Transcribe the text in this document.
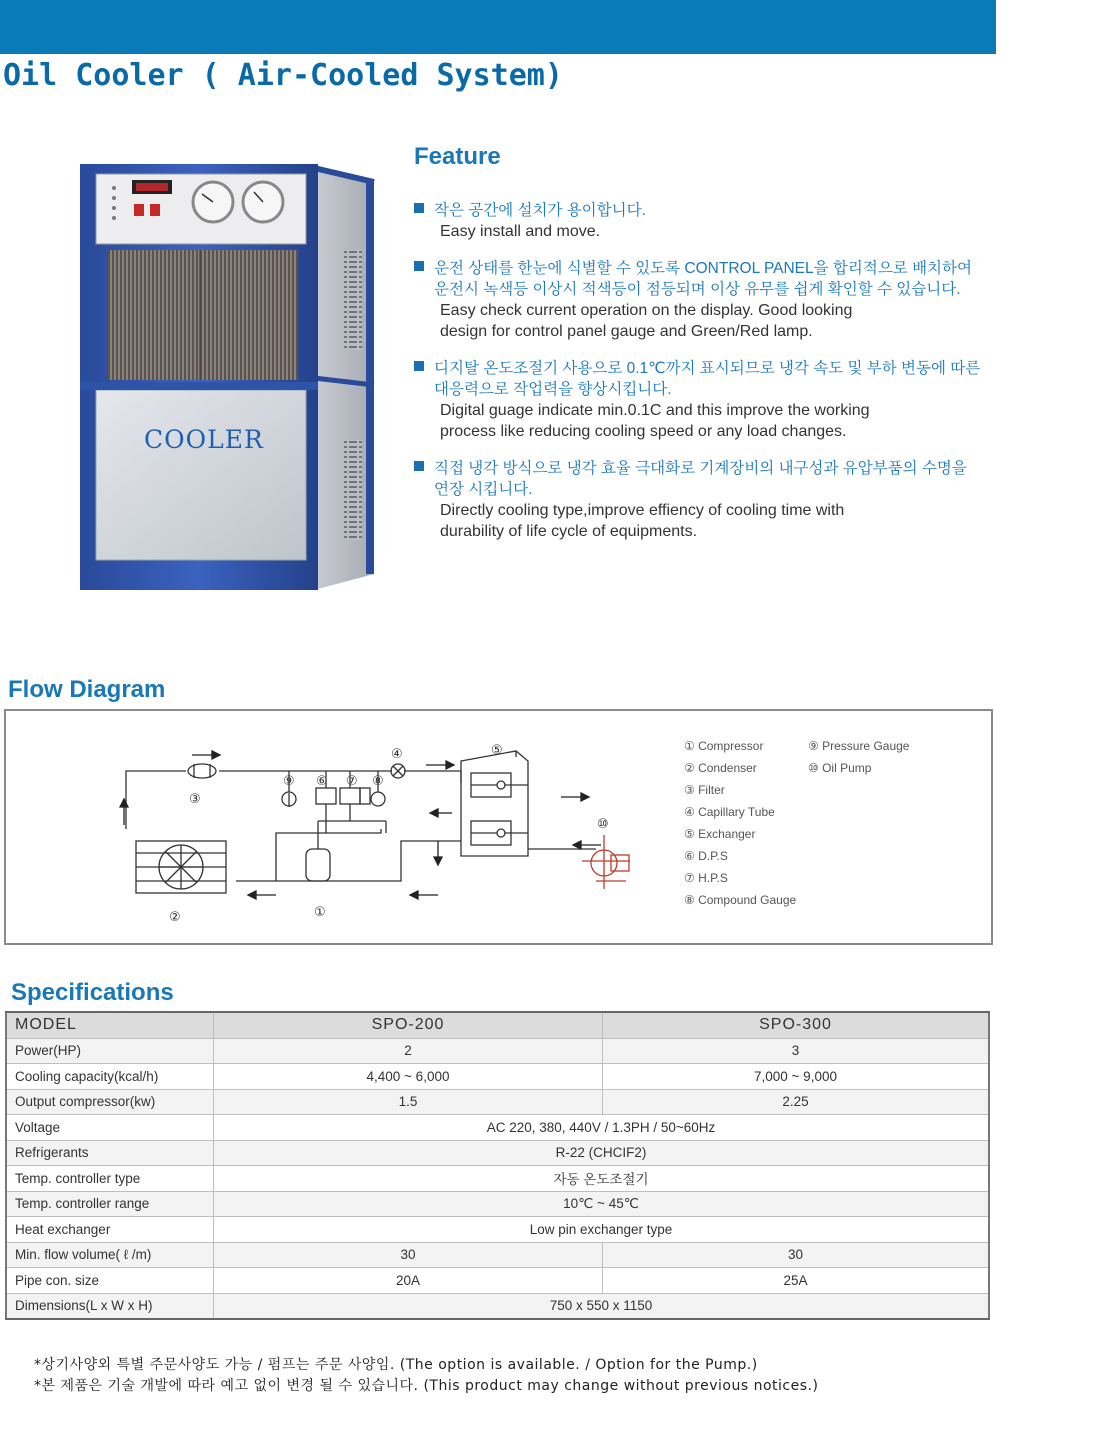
Oil Cooler ( Air-Cooled System)
COOLER
Feature
작은 공간에 설치가 용이합니다.
Easy install and move.
운전 상태를 한눈에 식별할 수 있도록 CONTROL PANEL을 합리적으로 배치하여
운전시 녹색등 이상시 적색등이 점등되며 이상 유무를 쉽게 확인할 수 있습니다.
Easy check current operation on the display. Good looking
design for control panel gauge and Green/Red lamp.
디지탈 온도조절기 사용으로 0.1℃까지 표시되므로 냉각 속도 및 부하 변동에 따른
대응력으로 작업력을 향상시킵니다.
Digital guage indicate min.0.1C and this improve the working
process like reducing cooling speed or any load changes.
직접 냉각 방식으로 냉각 효율 극대화로 기계장비의 내구성과 유압부품의 수명을
연장 시킵니다.
Directly cooling type,improve effiency of cooling time with
durability of life cycle of equipments.
Flow Diagram
①
②
③
④	⑤
⑥ ⑦ ⑧
⑨
⑩
① Compressor
② Condenser
③ Filter
④ Capillary Tube
⑤ Exchanger
⑥ D.P.S
⑦ H.P.S
⑧ Compound Gauge
⑨ Pressure Gauge
⑩ Oil Pump
Specifications
MODEL	SPO-200	SPO-300
Power(HP)	2	3
Cooling capacity(kcal/h)	4,400 ~ 6,000	7,000 ~ 9,000
Output compressor(kw)	1.5	2.25
Voltage	AC 220, 380, 440V / 1.3PH / 50~60Hz	
Refrigerants	R-22 (CHCIF2)	
Temp. controller type	자동 온도조절기	
Temp. controller range	10℃ ~ 45℃	
Heat exchanger	Low pin exchanger type	
Min. flow volume( ℓ /m)	30	30
Pipe con. size	20A	25A
Dimensions(L x W x H)	750 x 550 x 1150	
*상기사양외 특별 주문사양도 가능 / 펌프는 주문 사양임. (The option is available. / Option for the Pump.)
*본 제품은 기술 개발에 따라 예고 없이 변경 될 수 있습니다. (This product may change without previous notices.)
